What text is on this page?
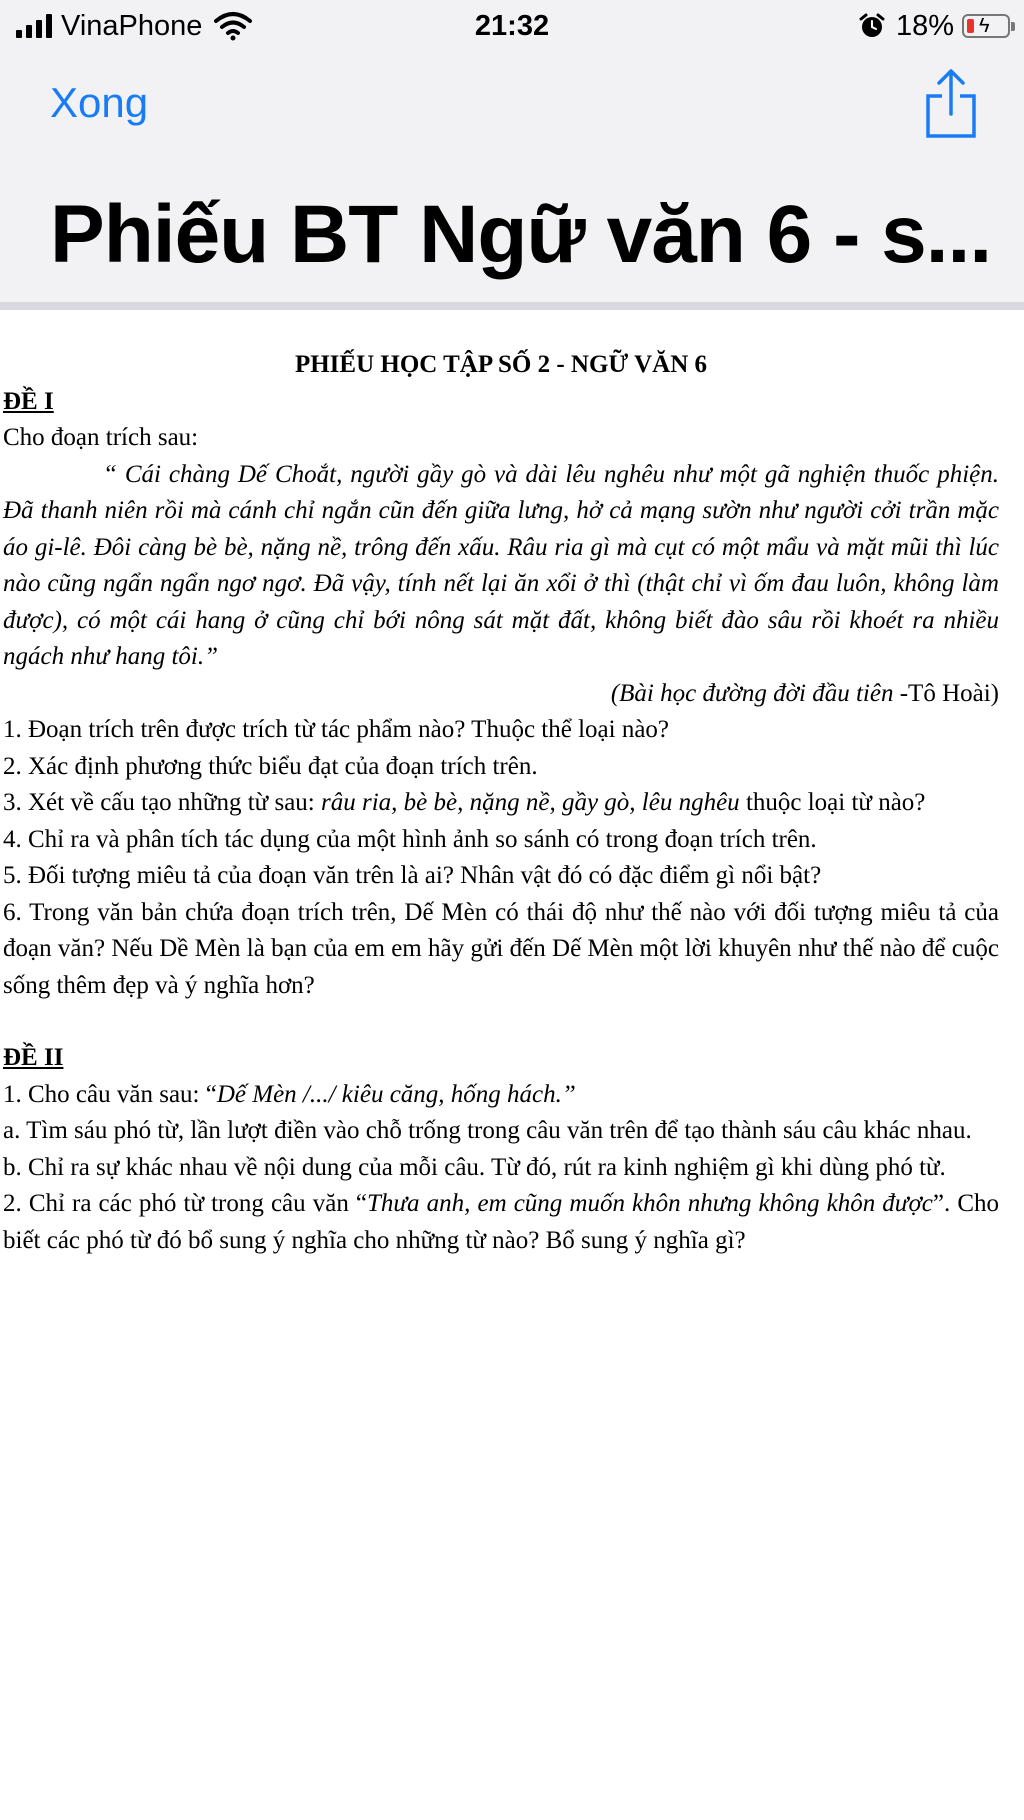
VinaPhone	21:32	18% ϟ
Xong
Phiếu BT Ngữ văn 6 - s...

PHIẾU HỌC TẬP SỐ 2 - NGỮ VĂN 6

ĐỀ I

Cho đoạn trích sau:

“ Cái chàng Dế Choắt, người gầy gò và dài lêu nghêu như một gã nghiện thuốc phiện. Đã thanh niên rồi mà cánh chỉ ngắn cũn đến giữa lưng, hở cả mạng sườn như người cởi trần mặc áo gi-lê. Đôi càng bè bè, nặng nề, trông đến xấu. Râu ria gì mà cụt có một mẩu và mặt mũi thì lúc nào cũng ngẩn ngẩn ngơ ngơ. Đã vậy, tính nết lại ăn xổi ở thì (thật chỉ vì ốm đau luôn, không làm được), có một cái hang ở cũng chỉ bới nông sát mặt đất, không biết đào sâu rồi khoét ra nhiều ngách như hang tôi.”

(Bài học đường đời đầu tiên -Tô Hoài)

1. Đoạn trích trên được trích từ tác phẩm nào? Thuộc thể loại nào?

2. Xác định phương thức biểu đạt của đoạn trích trên.

3. Xét về cấu tạo những từ sau: râu ria, bè bè, nặng nề, gầy gò, lêu nghêu thuộc loại từ nào?

4. Chỉ ra và phân tích tác dụng của một hình ảnh so sánh có trong đoạn trích trên.

5. Đối tượng miêu tả của đoạn văn trên là ai? Nhân vật đó có đặc điểm gì nổi bật?

6. Trong văn bản chứa đoạn trích trên, Dế Mèn có thái độ như thế nào với đối tượng miêu tả của đoạn văn? Nếu Dề Mèn là bạn của em em hãy gửi đến Dế Mèn một lời khuyên như thế nào để cuộc sống thêm đẹp và ý nghĩa hơn?

ĐỀ II

1. Cho câu văn sau: “Dế Mèn /.../ kiêu căng, hống hách.”

a. Tìm sáu phó từ, lần lượt điền vào chỗ trống trong câu văn trên để tạo thành sáu câu khác nhau.

b. Chỉ ra sự khác nhau về nội dung của mỗi câu. Từ đó, rút ra kinh nghiệm gì khi dùng phó từ.

2. Chỉ ra các phó từ trong câu văn “Thưa anh, em cũng muốn khôn nhưng không khôn được”. Cho biết các phó từ đó bổ sung ý nghĩa cho những từ nào? Bổ sung ý nghĩa gì?
